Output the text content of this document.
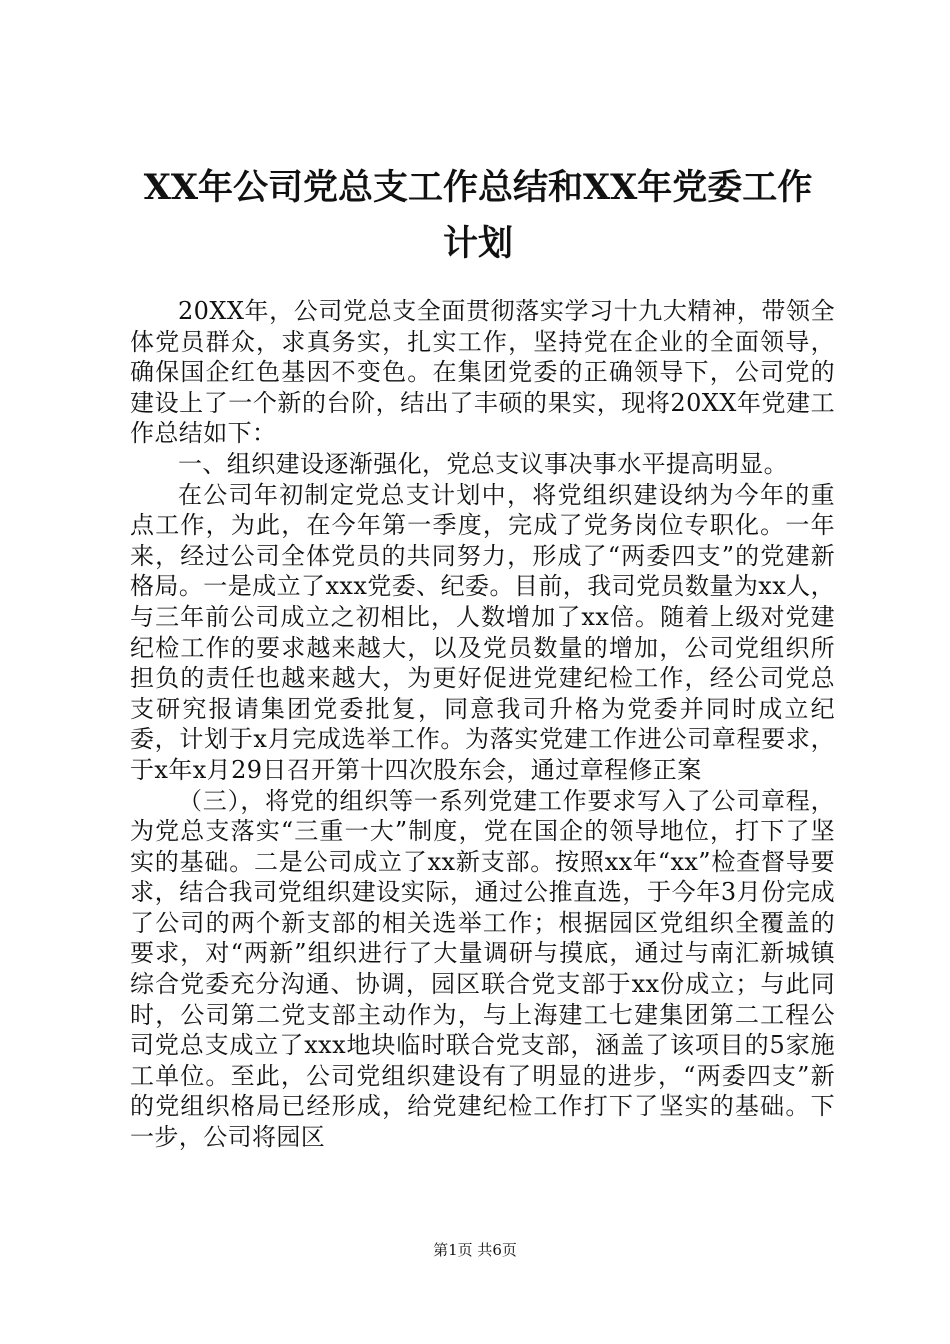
XX年公司党总支工作总结和XX年党委工作计划

20XX年，公司党总支全面贯彻落实学习十九大精神，带领全体党员群众，求真务实，扎实工作，坚持党在企业的全面领导，确保国企红色基因不变色。在集团党委的正确领导下，公司党的建设上了一个新的台阶，结出了丰硕的果实，现将20XX年党建工作总结如下：

一、组织建设逐渐强化，党总支议事决事水平提高明显。

在公司年初制定党总支计划中，将党组织建设纳为今年的重点工作，为此，在今年第一季度，完成了党务岗位专职化。一年来，经过公司全体党员的共同努力，形成了“两委四支”的党建新格局。一是成立了xxx党委、纪委。目前，我司党员数量为xx人，与三年前公司成立之初相比，人数增加了xx倍。随着上级对党建纪检工作的要求越来越大，以及党员数量的增加，公司党组织所担负的责任也越来越大，为更好促进党建纪检工作，经公司党总支研究报请集团党委批复，同意我司升格为党委并同时成立纪委，计划于x月完成选举工作。为落实党建工作进公司章程要求，于x年x月29日召开第十四次股东会，通过章程修正案

（三），将党的组织等一系列党建工作要求写入了公司章程，为党总支落实“三重一大”制度，党在国企的领导地位，打下了坚实的基础。二是公司成立了xx新支部。按照xx年“xx”检查督导要求，结合我司党组织建设实际，通过公推直选，于今年3月份完成了公司的两个新支部的相关选举工作；根据园区党组织全覆盖的要求，对“两新”组织进行了大量调研与摸底，通过与南汇新城镇综合党委充分沟通、协调，园区联合党支部于xx份成立；与此同时，公司第二党支部主动作为，与上海建工七建集团第二工程公司党总支成立了xxx地块临时联合党支部，涵盖了该项目的5家施工单位。至此，公司党组织建设有了明显的进步，“两委四支”新的党组织格局已经形成，给党建纪检工作打下了坚实的基础。下一步，公司将园区

第1页 共6页
